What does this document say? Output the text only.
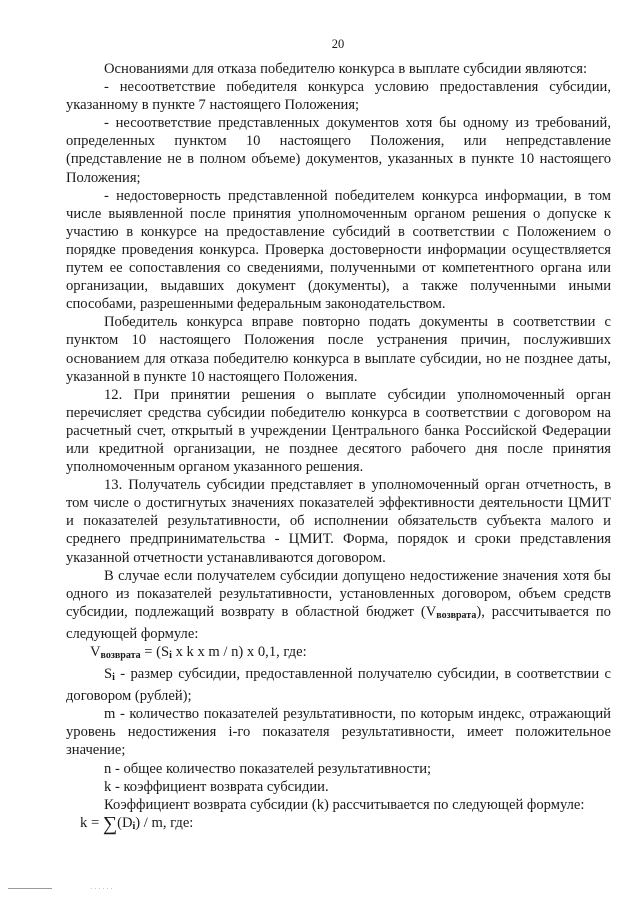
20

Основаниями для отказа победителю конкурса в выплате субсидии являются:

- несоответствие победителя конкурса условию предоставления субсидии, указанному в пункте 7 настоящего Положения;

- несоответствие представленных документов хотя бы одному из требований, определенных пунктом 10 настоящего Положения, или непредставление (представление не в полном объеме) документов, указанных в пункте 10 настоящего Положения;

- недостоверность представленной победителем конкурса информации, в том числе выявленной после принятия уполномоченным органом решения о допуске к участию в конкурсе на предоставление субсидий в соответствии с Положением о порядке проведения конкурса. Проверка достоверности информации осуществляется путем ее сопоставления со сведениями, полученными от компетентного органа или организации, выдавших документ (документы), а также полученными иными способами, разрешенными федеральным законодательством.

Победитель конкурса вправе повторно подать документы в соответствии с пунктом 10 настоящего Положения после устранения причин, послуживших основанием для отказа победителю конкурса в выплате субсидии, но не позднее даты, указанной в пункте 10 настоящего Положения.

12. При принятии решения о выплате субсидии уполномоченный орган перечисляет средства субсидии победителю конкурса в соответствии с договором на расчетный счет, открытый в учреждении Центрального банка Российской Федерации или кредитной организации, не позднее десятого рабочего дня после принятия уполномоченным органом указанного решения.

13. Получатель субсидии представляет в уполномоченный орган отчетность, в том числе о достигнутых значениях показателей эффективности деятельности ЦМИТ и показателей результативности, об исполнении обязательств субъекта малого и среднего предпринимательства - ЦМИТ. Форма, порядок и сроки представления указанной отчетности устанавливаются договором.

В случае если получателем субсидии допущено недостижение значения хотя бы одного из показателей результативности, установленных договором, объем средств субсидии, подлежащий возврату в областной бюджет $(V_{возврата})$, рассчитывается по следующей формуле:

$V_{возврата} = (S_i$ x k x m / n) x 0,1, где:

$S_i$ - размер субсидии, предоставленной получателю субсидии, в соответствии с договором (рублей);

m - количество показателей результативности, по которым индекс, отражающий уровень недостижения i-го показателя результативности, имеет положительное значение;

n - общее количество показателей результативности;

k - коэффициент возврата субсидии.

Коэффициент возврата субсидии (k) рассчитывается по следующей формуле:

$k = \sum(D_i) / m$, где:

· · · · · ·
